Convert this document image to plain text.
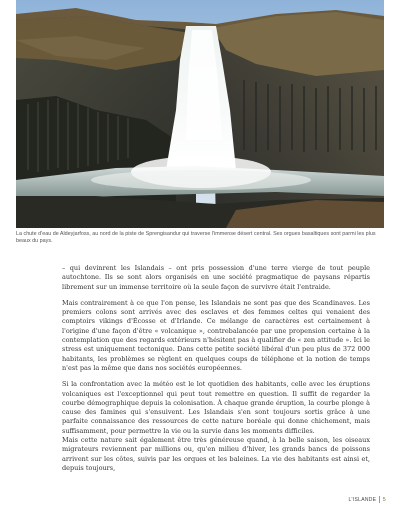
La chute d'eau de Aldeyjarfoss, au nord de la piste de Sprengisandur qui traverse l'immense désert central. Ses orgues basaltiques sont parmi les plus beaux du pays.

– qui devinrent les Islandais – ont pris possession d'une terre vierge de tout peuple autochtone. Ils se sont alors organisés en une société pragmatique de paysans répartis librement sur un immense territoire où la seule façon de survivre était l'entraide.

Mais contrairement à ce que l'on pense, les Islandais ne sont pas que des Scandinaves. Les premiers colons sont arrivés avec des esclaves et des femmes celtes qui venaient des comptoirs vikings d'Écosse et d'Irlande. Ce mélange de caractères est certainement à l'origine d'une façon d'être « volcanique », contrebalancée par une propension certaine à la contemplation que des regards extérieurs n'hésitent pas à qualifier de « zen attitude ». Ici le stress est uniquement tectonique. Dans cette petite société libéral d'un peu plus de 372 000 habitants, les problèmes se règlent en quelques coups de téléphone et la notion de temps n'est pas la même que dans nos sociétés européennes.

Si la confrontation avec la météo est le lot quotidien des habitants, celle avec les éruptions volcaniques est l'exceptionnel qui peut tout remettre en question. Il suffit de regarder la courbe démographique depuis la colonisation. À chaque grande éruption, la courbe plonge à cause des famines qui s'ensuivent. Les Islandais s'en sont toujours sortis grâce à une parfaite connaissance des ressources de cette nature boréale qui donne chichement, mais suffisamment, pour permettre la vie ou la survie dans les moments difficiles.

Mais cette nature sait également être très généreuse quand, à la belle saison, les oiseaux migrateurs reviennent par millions ou, qu'en milieu d'hiver, les grands bancs de poissons arrivent sur les côtes, suivis par les orques et les baleines. La vie des habitants est ainsi et, depuis toujours,

L'ISLANDE 5
